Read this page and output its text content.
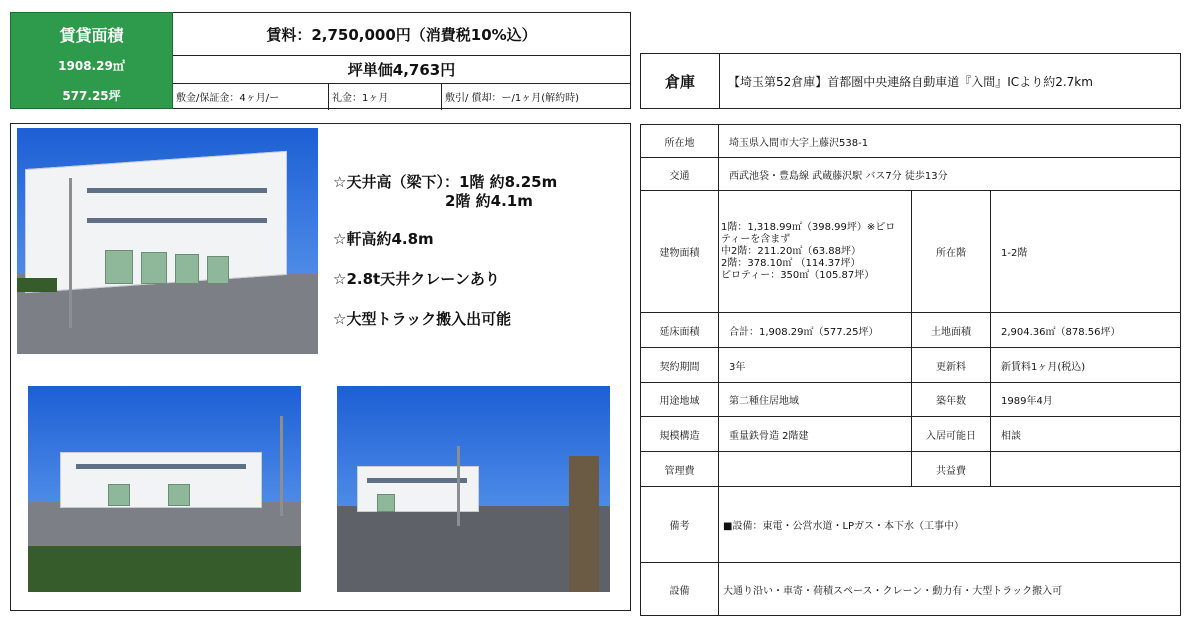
賃貸面積
1908.29㎡
577.25坪
賃料：2,750,000円（消費税10%込）
坪単価4,763円
敷金/保証金：4ヶ月/ー	礼金：1ヶ月	敷引/ 償却：ー/1ヶ月(解約時)
倉庫	【埼玉第52倉庫】首都圏中央連絡自動車道『入間』ICより約2.7km
☆天井高（梁下）：1階 約8.25m
2階 約4.1m
☆軒高約4.8m
☆2.8t天井クレーンあり
☆大型トラック搬入出可能
所在地	埼玉県入間市大字上藤沢538-1		
交通	西武池袋・豊島線 武蔵藤沢駅 バス7分 徒歩13分		
建物面積	1階：1,318.99㎡（398.99坪）※ピロ
ティーを含まず
中2階：211.20㎡（63.88坪）
2階：378.10㎡ （114.37坪）
ピロティー：350㎡（105.87坪）	所在階	1-2階
延床面積	合計：1,908.29㎡（577.25坪）	土地面積	2,904.36㎡（878.56坪）
契約期間	3年	更新料	新賃料1ヶ月(税込)
用途地域	第二種住居地域	築年数	1989年4月
規模構造	重量鉄骨造 2階建	入居可能日	相談
管理費		共益費	
備考	■設備：東電・公営水道・LPガス・本下水（工事中）		
設備	大通り沿い・車寄・荷積スペース・クレーン・動力有・大型トラック搬入可		
